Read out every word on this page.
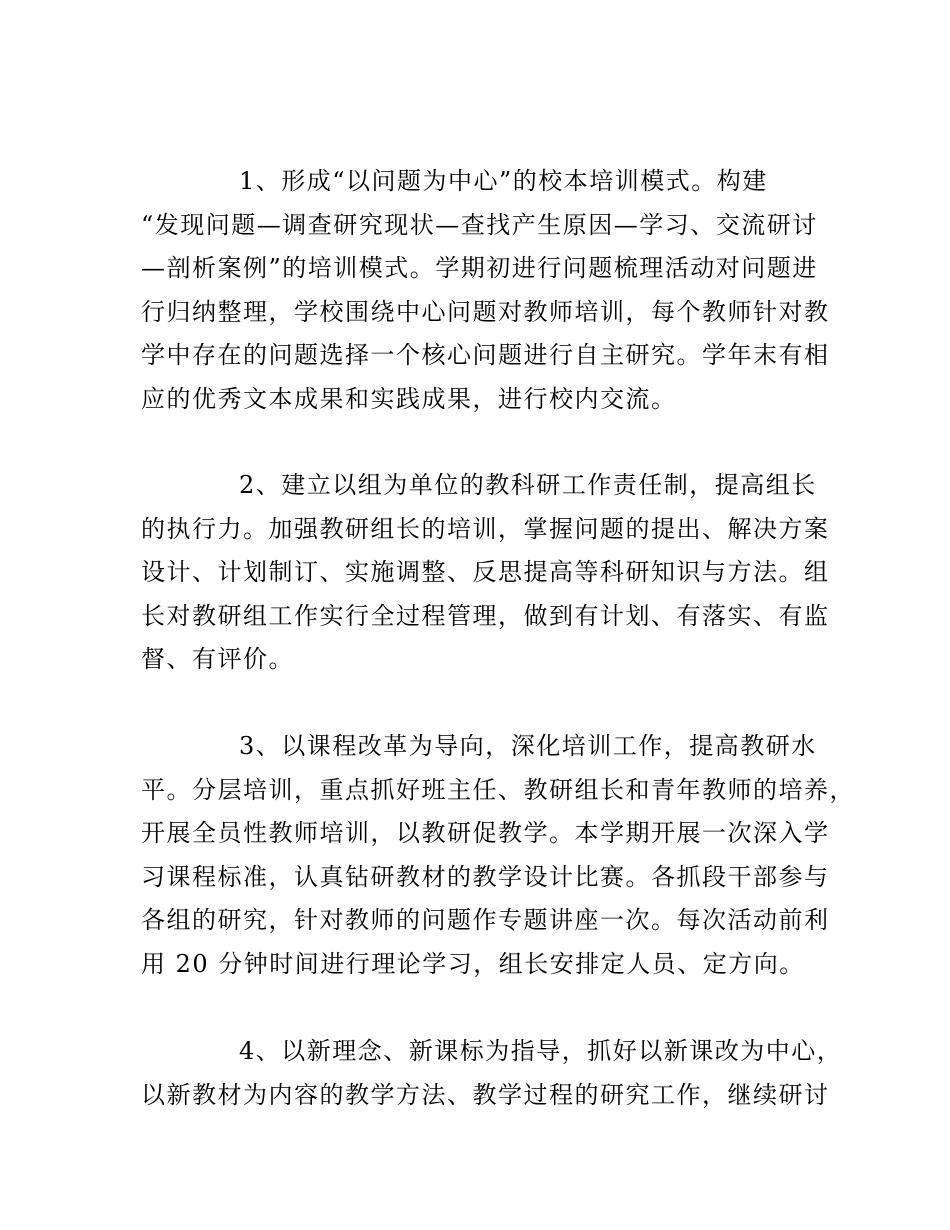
1、形成“以问题为中心”的校本培训模式。构建
“发现问题—调查研究现状—查找产生原因—学习、交流研讨
—剖析案例”的培训模式。学期初进行问题梳理活动对问题进
行归纳整理，学校围绕中心问题对教师培训，每个教师针对教
学中存在的问题选择一个核心问题进行自主研究。学年末有相
应的优秀文本成果和实践成果，进行校内交流。
2、建立以组为单位的教科研工作责任制，提高组长
的执行力。加强教研组长的培训，掌握问题的提出、解决方案
设计、计划制订、实施调整、反思提高等科研知识与方法。组
长对教研组工作实行全过程管理，做到有计划、有落实、有监
督、有评价。
3、以课程改革为导向，深化培训工作，提高教研水
平。分层培训，重点抓好班主任、教研组长和青年教师的培养，
开展全员性教师培训，以教研促教学。本学期开展一次深入学
习课程标准，认真钻研教材的教学设计比赛。各抓段干部参与
各组的研究，针对教师的问题作专题讲座一次。每次活动前利
用 20 分钟时间进行理论学习，组长安排定人员、定方向。
4、以新理念、新课标为指导，抓好以新课改为中心，
以新教材为内容的教学方法、教学过程的研究工作，继续研讨
